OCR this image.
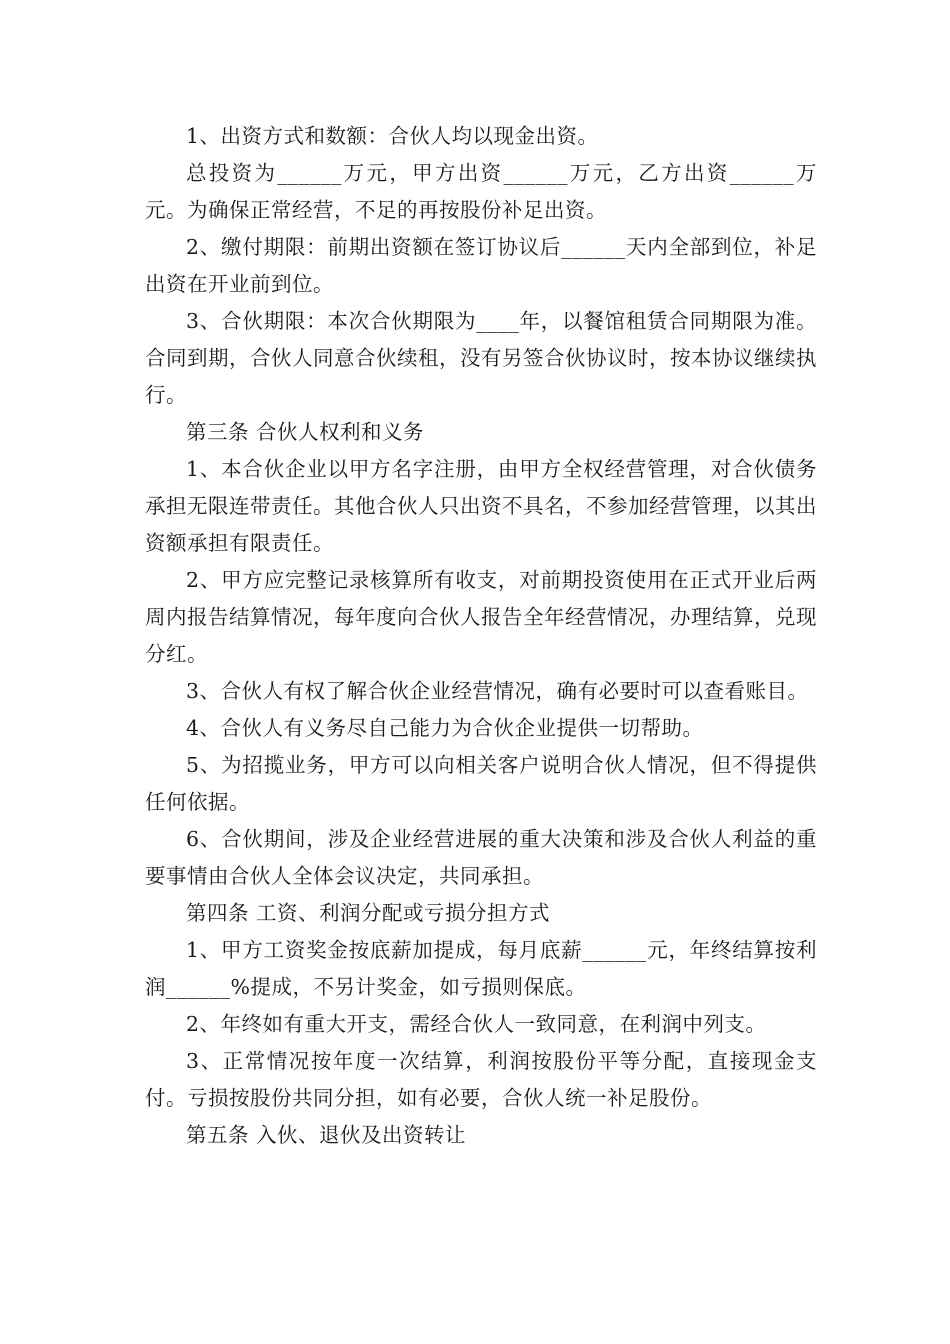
1、出资方式和数额：合伙人均以现金出资。

总投资为______万元，甲方出资______万元，乙方出资______万元。为确保正常经营，不足的再按股份补足出资。

2、缴付期限：前期出资额在签订协议后______天内全部到位，补足出资在开业前到位。

3、合伙期限：本次合伙期限为____年，以餐馆租赁合同期限为准。合同到期，合伙人同意合伙续租，没有另签合伙协议时，按本协议继续执行。

第三条 合伙人权利和义务

1、本合伙企业以甲方名字注册，由甲方全权经营管理，对合伙债务承担无限连带责任。其他合伙人只出资不具名，不参加经营管理，以其出资额承担有限责任。

2、甲方应完整记录核算所有收支，对前期投资使用在正式开业后两周内报告结算情况，每年度向合伙人报告全年经营情况，办理结算，兑现分红。

3、合伙人有权了解合伙企业经营情况，确有必要时可以查看账目。

4、合伙人有义务尽自己能力为合伙企业提供一切帮助。

5、为招揽业务，甲方可以向相关客户说明合伙人情况，但不得提供任何依据。

6、合伙期间，涉及企业经营进展的重大决策和涉及合伙人利益的重要事情由合伙人全体会议决定，共同承担。

第四条 工资、利润分配或亏损分担方式

1、甲方工资奖金按底薪加提成，每月底薪______元，年终结算按利润______%提成，不另计奖金，如亏损则保底。

2、年终如有重大开支，需经合伙人一致同意，在利润中列支。

3、正常情况按年度一次结算，利润按股份平等分配，直接现金支付。亏损按股份共同分担，如有必要，合伙人统一补足股份。

第五条 入伙、退伙及出资转让
